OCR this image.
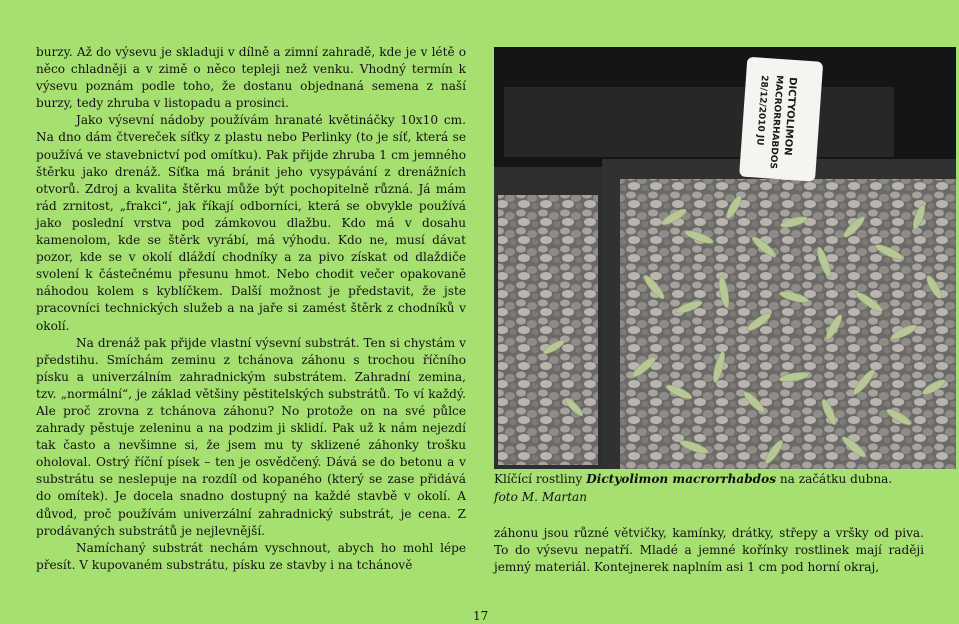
burzy. Až do výsevu je skladuji v dílně a zimní zahradě, kde je v létě o něco chladněji a v zimě o něco tepleji než venku. Vhodný termín k výsevu poznám podle toho, že dostanu objednaná semena z naší burzy, tedy zhruba v listopadu a prosinci.

Jako výsevní nádoby používám hranaté květináčky 10x10 cm. Na dno dám čtvereček síťky z plastu nebo Perlinky (to je síť, která se používá ve stavebnictví pod omítku). Pak přijde zhruba 1 cm jemného štěrku jako drenáž. Síťka má bránit jeho vysypávání z drenážních otvorů. Zdroj a kvalita štěrku může být pochopitelně různá. Já mám rád zrnitost, „frakci“, jak říkají odborníci, která se obvykle používá jako poslední vrstva pod zámkovou dlažbu. Kdo má v dosahu kamenolom, kde se štěrk vyrábí, má výhodu. Kdo ne, musí dávat pozor, kde se v okolí dláždí chodníky a za pivo získat od dlaždiče svolení k částečnému přesunu hmot. Nebo chodit večer opakovaně náhodou kolem s kyblíčkem. Další možnost je představit, že jste pracovníci technických služeb a na jaře si zamést štěrk z chodníků v okolí.

Na drenáž pak přijde vlastní výsevní substrát. Ten si chystám v předstihu. Smíchám zeminu z tchánova záhonu s trochou říčního písku a univerzálním zahradnickým substrátem. Zahradní zemina, tzv. „normální“, je základ většiny pěstitelských substrátů. To ví každý. Ale proč zrovna z tchánova záhonu? No protože on na své půlce zahrady pěstuje zeleninu a na podzim ji sklidí. Pak už k nám nejezdí tak často a nevšimne si, že jsem mu ty sklizené záhonky trošku oholoval. Ostrý říční písek – ten je osvědčený. Dává se do betonu a v substrátu se neslepuje na rozdíl od kopaného (který se zase přidává do omítek). Je docela snadno dostupný na každé stavbě v okolí. A důvod, proč používám univerzální zahradnický substrát, je cena. Z prodávaných substrátů je nejlevnější.

Namíchaný substrát nechám vyschnout, abych ho mohl lépe přesít. V kupovaném substrátu, písku ze stavby i na tchánově

DICTYOLIMON
MACRORRHABDOS
28/12/2010 JU
Klíčící rostliny Dictyolimon macrorrhabdos na začátku dubna.
foto M. Martan

záhonu jsou různé větvičky, kamínky, drátky, střepy a vršky od piva. To do výsevu nepatří. Mladé a jemné kořínky rostlinek mají raději jemný materiál. Kontejnerek naplním asi 1 cm pod horní okraj,

17
